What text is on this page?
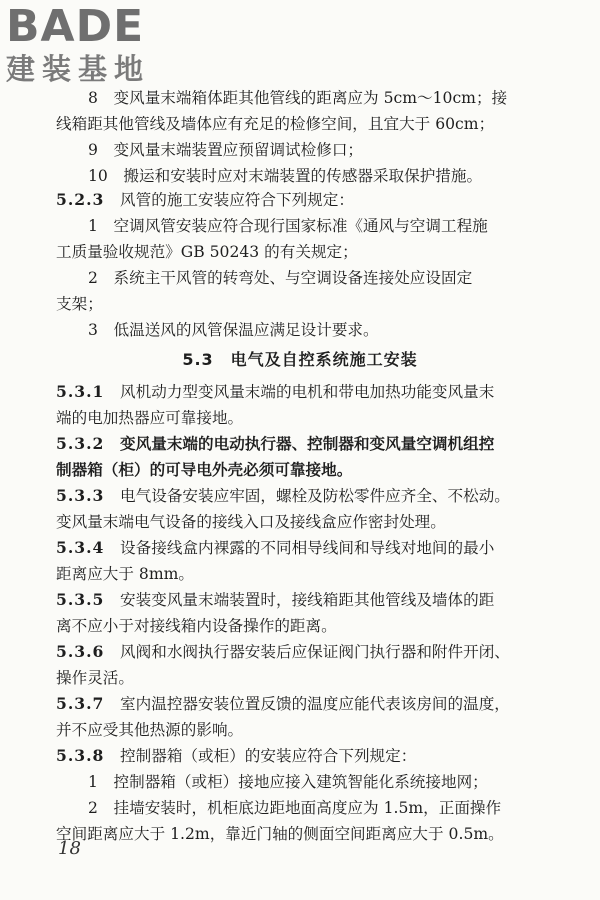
BADE
建装基地
8　变风量末端箱体距其他管线的距离应为 5cm～10cm；接
线箱距其他管线及墙体应有充足的检修空间，且宜大于 60cm；
9　变风量末端装置应预留调试检修口；
10　搬运和安装时应对末端装置的传感器采取保护措施。
5.2.3　 风管的施工安装应符合下列规定：
1　空调风管安装应符合现行国家标准《通风与空调工程施
工质量验收规范》GB 50243 的有关规定；
2　系统主干风管的转弯处、与空调设备连接处应设固定
支架；
3　低温送风的风管保温应满足设计要求。
5.3　电气及自控系统施工安装
5.3.1　 风机动力型变风量末端的电机和带电加热功能变风量末
端的电加热器应可靠接地。
5.3.2　 变风量末端的电动执行器、控制器和变风量空调机组控
制器箱（柜）的可导电外壳必须可靠接地。
5.3.3　 电气设备安装应牢固，螺栓及防松零件应齐全、不松动。
变风量末端电气设备的接线入口及接线盒应作密封处理。
5.3.4　 设备接线盒内裸露的不同相导线间和导线对地间的最小
距离应大于 8mm。
5.3.5　 安装变风量末端装置时，接线箱距其他管线及墙体的距
离不应小于对接线箱内设备操作的距离。
5.3.6　 风阀和水阀执行器安装后应保证阀门执行器和附件开闭、
操作灵活。
5.3.7　 室内温控器安装位置反馈的温度应能代表该房间的温度，
并不应受其他热源的影响。
5.3.8　 控制器箱（或柜）的安装应符合下列规定：
1　控制器箱（或柜）接地应接入建筑智能化系统接地网；
2　挂墙安装时，机柜底边距地面高度应为 1.5m，正面操作
空间距离应大于 1.2m，靠近门轴的侧面空间距离应大于 0.5m。
18
